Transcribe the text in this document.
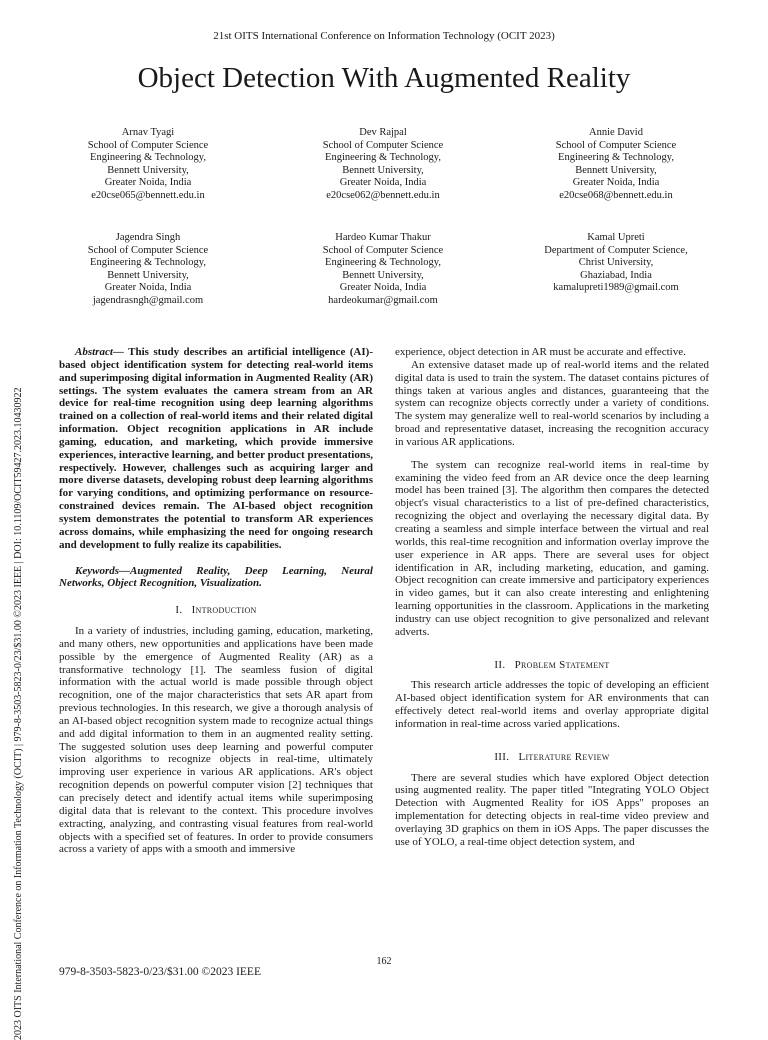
21st OITS International Conference on Information Technology (OCIT 2023)
Object Detection With Augmented Reality
Arnav Tyagi
School of Computer Science
Engineering & Technology,
Bennett University,
Greater Noida, India
e20cse065@bennett.edu.in
Dev Rajpal
School of Computer Science
Engineering & Technology,
Bennett University,
Greater Noida, India
e20cse062@bennett.edu.in
Annie David
School of Computer Science
Engineering & Technology,
Bennett University,
Greater Noida, India
e20cse068@bennett.edu.in
Jagendra Singh
School of Computer Science
Engineering & Technology,
Bennett University,
Greater Noida, India
jagendrasngh@gmail.com
Hardeo Kumar Thakur
School of Computer Science
Engineering & Technology,
Bennett University,
Greater Noida, India
hardeokumar@gmail.com
Kamal Upreti
Department of Computer Science,
Christ University,
Ghaziabad, India
kamalupreti1989@gmail.com
2023 OITS International Conference on Information Technology (OCIT) | 979-8-3503-5823-0/23/$31.00 ©2023 IEEE | DOI: 10.1109/OCIT59427.2023.10430922

Abstract— This study describes an artificial intelligence (AI)-based object identification system for detecting real-world items and superimposing digital information in Augmented Reality (AR) settings. The system evaluates the camera stream from an AR device for real-time recognition using deep learning algorithms trained on a collection of real-world items and their related digital information. Object recognition applications in AR include gaming, education, and marketing, which provide immersive experiences, interactive learning, and better product presentations, respectively. However, challenges such as acquiring larger and more diverse datasets, developing robust deep learning algorithms for varying conditions, and optimizing performance on resource-constrained devices remain. The AI-based object recognition system demonstrates the potential to transform AR experiences across domains, while emphasizing the need for ongoing research and development to fully realize its capabilities.

Keywords—Augmented Reality, Deep Learning, Neural Networks, Object Recognition, Visualization.

I. Introduction

In a variety of industries, including gaming, education, marketing, and many others, new opportunities and applications have been made possible by the emergence of Augmented Reality (AR) as a transformative technology [1]. The seamless fusion of digital information with the actual world is made possible through object recognition, one of the major characteristics that sets AR apart from previous technologies. In this research, we give a thorough analysis of an AI-based object recognition system made to recognize actual things and add digital information to them in an augmented reality setting. The suggested solution uses deep learning and powerful computer vision algorithms to recognize objects in real-time, ultimately improving user experience in various AR applications. AR's object recognition depends on powerful computer vision [2] techniques that can precisely detect and identify actual items while superimposing digital data that is relevant to the context. This procedure involves extracting, analyzing, and contrasting visual features from real-world objects with a specified set of features. In order to provide consumers across a variety of apps with a smooth and immersive

experience, object detection in AR must be accurate and effective.

An extensive dataset made up of real-world items and the related digital data is used to train the system. The dataset contains pictures of things taken at various angles and distances, guaranteeing that the system can recognize objects correctly under a variety of conditions. The system may generalize well to real-world scenarios by including a broad and representative dataset, increasing the recognition accuracy in various AR applications.

The system can recognize real-world items in real-time by examining the video feed from an AR device once the deep learning model has been trained [3]. The algorithm then compares the detected object's visual characteristics to a list of pre-defined characteristics, recognizing the object and overlaying the necessary digital data. By creating a seamless and simple interface between the virtual and real worlds, this real-time recognition and information overlay improve the user experience in AR apps. There are several uses for object identification in AR, including marketing, education, and gaming. Object recognition can create immersive and participatory experiences in video games, but it can also create interesting and enlightening learning opportunities in the classroom. Applications in the marketing industry can use object recognition to give personalized and relevant adverts.

II. Problem Statement

This research article addresses the topic of developing an efficient AI-based object identification system for AR environments that can effectively detect real-world items and overlay appropriate digital information in real-time across varied applications.

III. Literature Review

There are several studies which have explored Object detection using augmented reality. The paper titled "Integrating YOLO Object Detection with Augmented Reality for iOS Apps" proposes an implementation for detecting objects in real-time video preview and overlaying 3D graphics on them in iOS Apps. The paper discusses the use of YOLO, a real-time object detection system, and

162
979-8-3503-5823-0/23/$31.00 ©2023 IEEE
